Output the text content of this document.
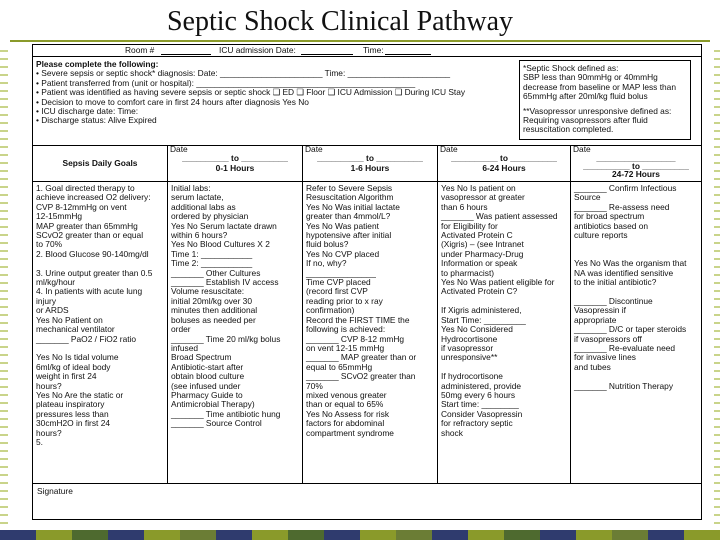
Septic Shock Clinical Pathway
Room #	ICU admission Date:	Time:
Please complete the following:
• Severe sepsis or septic shock* diagnosis: Date: ______________________ Time: ______________________
• Patient transferred from (unit or hospital): _______________________________________________
• Patient was identified as having severe sepsis or septic shock ❑ ED ❑ Floor ❑ ICU Admission ❑ During ICU Stay
• Decision to move to comfort care in first 24 hours after diagnosis Yes No
• ICU discharge date: Time:
• Discharge status: Alive Expired
*Septic Shock defined as:
SBP less than 90mmHg or 40mmHg
decrease from baseline or MAP less than
65mmHg after 20ml/kg fluid bolus
**Vasopressor unresponsive defined as:
Requiring vasopressors after fluid
resuscitation completed.
Sepsis Daily Goals
1. Goal directed therapy to
achieve increased O2 delivery:
CVP 8-12mmHg on vent
12-15mmHg
MAP greater than 65mmHg
SCvO2 greater than or equal
to 70%
2. Blood Glucose 90-140mg/dl

3. Urine output greater than 0.5
ml/kg/hour
4. In patients with acute lung injury
or ARDS
Yes No Patient on
mechanical ventilator
_______ PaO2 / FiO2 ratio

Yes No Is tidal volume
6ml/kg of ideal body
weight in first 24
hours?
Yes No Are the static or
plateau inspiratory
pressures less than
30cmH2O in first 24
hours?
5.
Date
__________ to __________
0-1 Hours
Initial labs:
serum lactate,
additional labs as
ordered by physician
Yes No Serum lactate drawn
within 6 hours?
Yes No Blood Cultures X 2
Time 1: ___________
Time 2: ___________
_______ Other Cultures
_______ Establish IV access
Volume resuscitate:
initial 20ml/kg over 30
minutes then additional
boluses as needed per
order
_______ Time 20 ml/kg bolus
infused
Broad Spectrum
Antibiotic-start after
obtain blood culture
(see infused under
Pharmacy Guide to
Antimicrobial Therapy)
_______ Time antibiotic hung
_______ Source Control
Date
__________ to __________
1-6 Hours
Refer to Severe Sepsis
Resuscitation Algorithm
Yes No Was initial lactate
greater than 4mmol/L?
Yes No Was patient
hypotensive after initial
fluid bolus?
Yes No CVP placed
If no, why?
_______________
Time CVP placed
(record first CVP
reading prior to x ray
confirmation)
Record the FIRST TIME the
following is achieved:
_______ CVP 8-12 mmHg
on vent 12-15 mmHg
_______ MAP greater than or
equal to 65mmHg
_______ SCvO2 greater than 70%
mixed venous greater
than or equal to 65%
Yes No Assess for risk
factors for abdominal
compartment syndrome
Date
__________ to __________
6-24 Hours
Yes No Is patient on
vasopressor at greater
than 6 hours
_______ Was patient assessed
for Eligibility for
Activated Protein C
(Xigris) – (see Intranet
under Pharmacy-Drug
Information or speak
to pharmacist)
Yes No Was patient eligible for
Activated Protein C?

If Xigris administered,
Start Time: _________
Yes No Considered
Hydrocortisone
if vasopressor
unresponsive**

If hydrocortisone
administered, provide
50mg every 6 hours
Start time: ________
Consider Vasopressin
for refractory septic
shock
Date
_________________
__________ to __________
24-72 Hours
_______ Confirm Infectious
Source
_______ Re-assess need
for broad spectrum
antibiotics based on
culture reports

Yes No Was the organism that
NA was identified sensitive
to the initial antibiotic?

_______ Discontinue
Vasopressin if
appropriate
_______ D/C or taper steroids
if vasopressors off
_______ Re-evaluate need
for invasive lines
and tubes

_______ Nutrition Therapy
Signature
